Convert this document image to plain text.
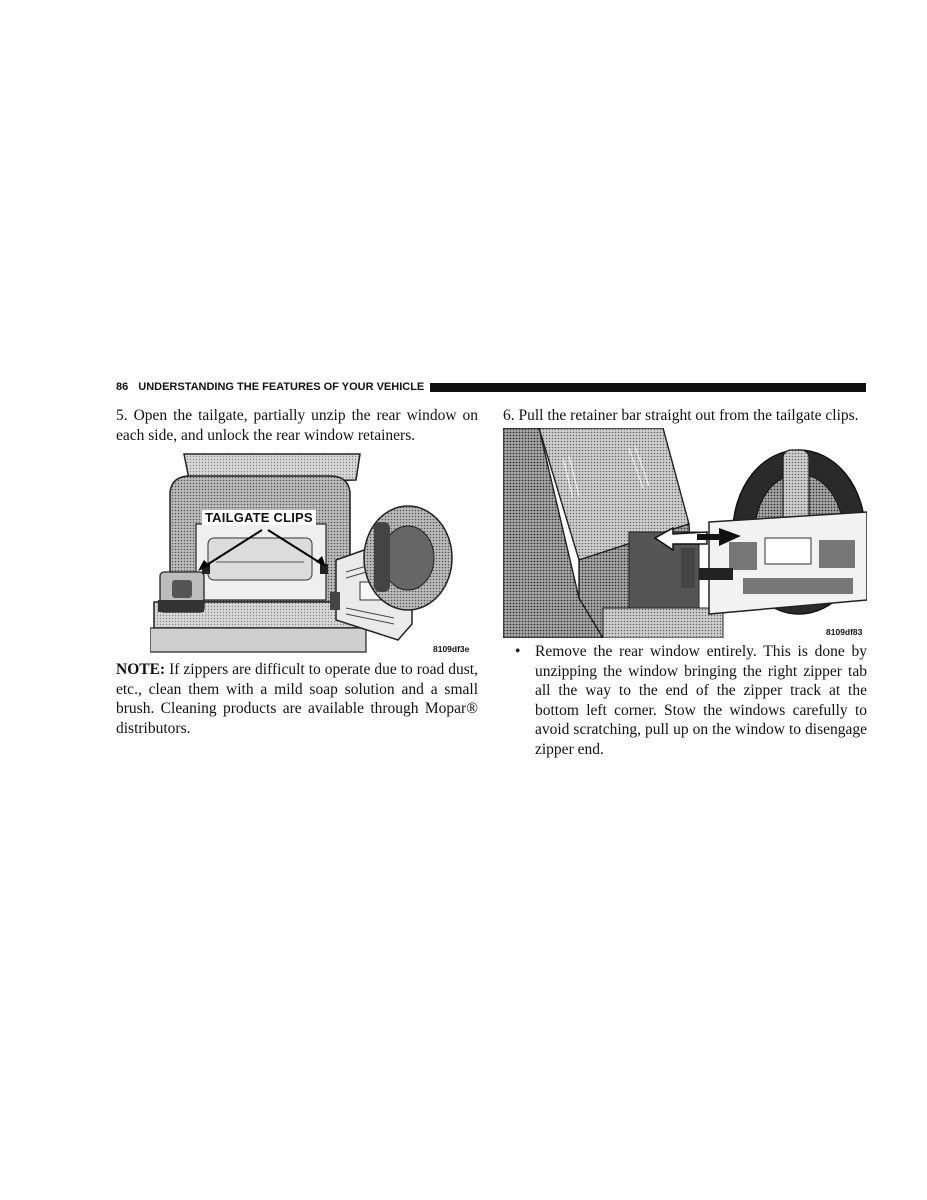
86 UNDERSTANDING THE FEATURES OF YOUR VEHICLE

5. Open the tailgate, partially unzip the rear window on each side, and unlock the rear window retainers.

TAILGATE CLIPS
8109df3e

NOTE: If zippers are difficult to operate due to road dust, etc., clean them with a mild soap solution and a small brush. Cleaning products are available through Mopar® distributors.

6. Pull the retainer bar straight out from the tailgate clips.

8109df83
• Remove the rear window entirely. This is done by unzipping the window bringing the right zipper tab all the way to the end of the zipper track at the bottom left corner. Stow the windows carefully to avoid scratching, pull up on the window to disengage zipper end.
